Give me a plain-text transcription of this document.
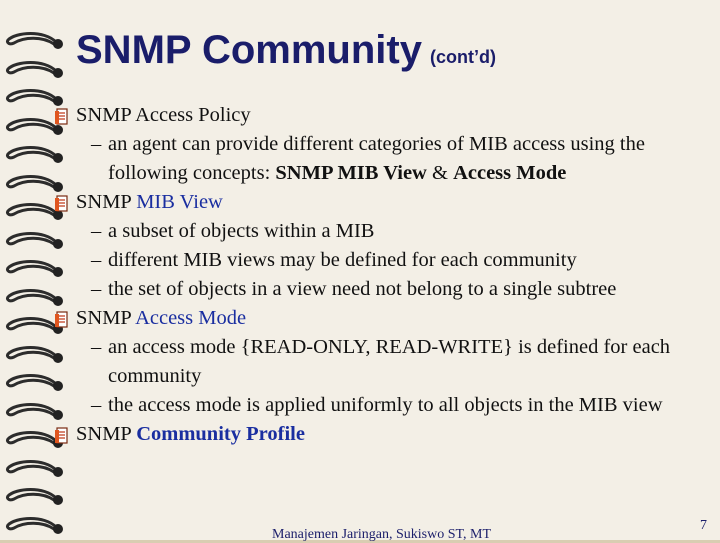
SNMP Community (cont’d)
SNMP Access Policy
– an agent can provide different categories of MIB access using the following concepts: SNMP MIB View & Access Mode
SNMP MIB View
– a subset of objects within a MIB
– different MIB views may be defined for each community
– the set of objects in a view need not belong to a single subtree
SNMP Access Mode
– an access mode {READ-ONLY, READ-WRITE} is defined for each community
– the access mode is applied uniformly to all objects in the MIB view
SNMP Community Profile
Manajemen Jaringan, Sukiswo ST, MT
7
